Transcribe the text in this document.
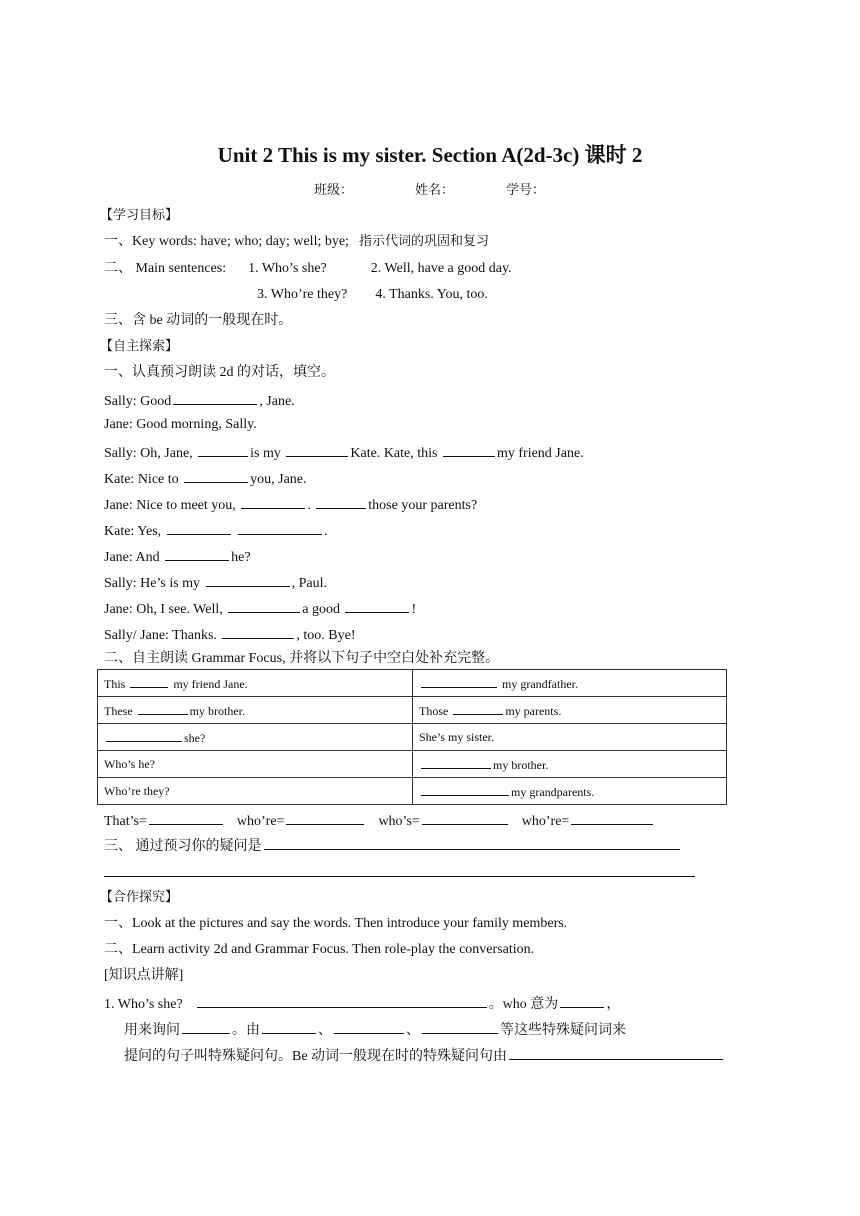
Unit 2 This is my sister. Section A(2d-3c) 课时 2
班级：	姓名：	学号：
【学习目标】
一、Key words: have; who; day; well; bye; 指示代词的巩固和复习
二、 Main sentences: 1. Who’s she?	2. Well, have a good day.
3. Who’re they? 4. Thanks. You, too.
三、含 be 动词的一般现在时。
【自主探索】
一、认真预习朗读 2d 的对话，填空。
Sally: Good	, Jane.
Jane: Good morning, Sally.
Sally: Oh, Jane,	is my	Kate. Kate, this	my friend Jane.
Kate: Nice to	you, Jane.
Jane: Nice to meet you,	.	those your parents?
Kate: Yes,	.
Jane: And	he?
Sally: He’s is my	, Paul.
Jane: Oh, I see. Well,	a good	!
Sally/ Jane: Thanks.	, too. Bye!
二、自主朗读 Grammar Focus, 并将以下句子中空白处补充完整。
This my friend Jane.	my grandfather.
These my brother.	Those my parents.
she?	She’s my sister.
Who’s he?	my brother.
Who’re they?	my grandparents.
That’s=	who’re=	who’s=	who’re=
三、 通过预习你的疑问是
【合作探究】
一、Look at the pictures and say the words. Then introduce your family members.
二、Learn activity 2d and Grammar Focus. Then role-play the conversation.
[知识点讲解]
1. Who’s she?	。who 意为	，
用来询问	。由	、	、	等这些特殊疑问词来
提问的句子叫特殊疑问句。Be 动词一般现在时的特殊疑问句由
